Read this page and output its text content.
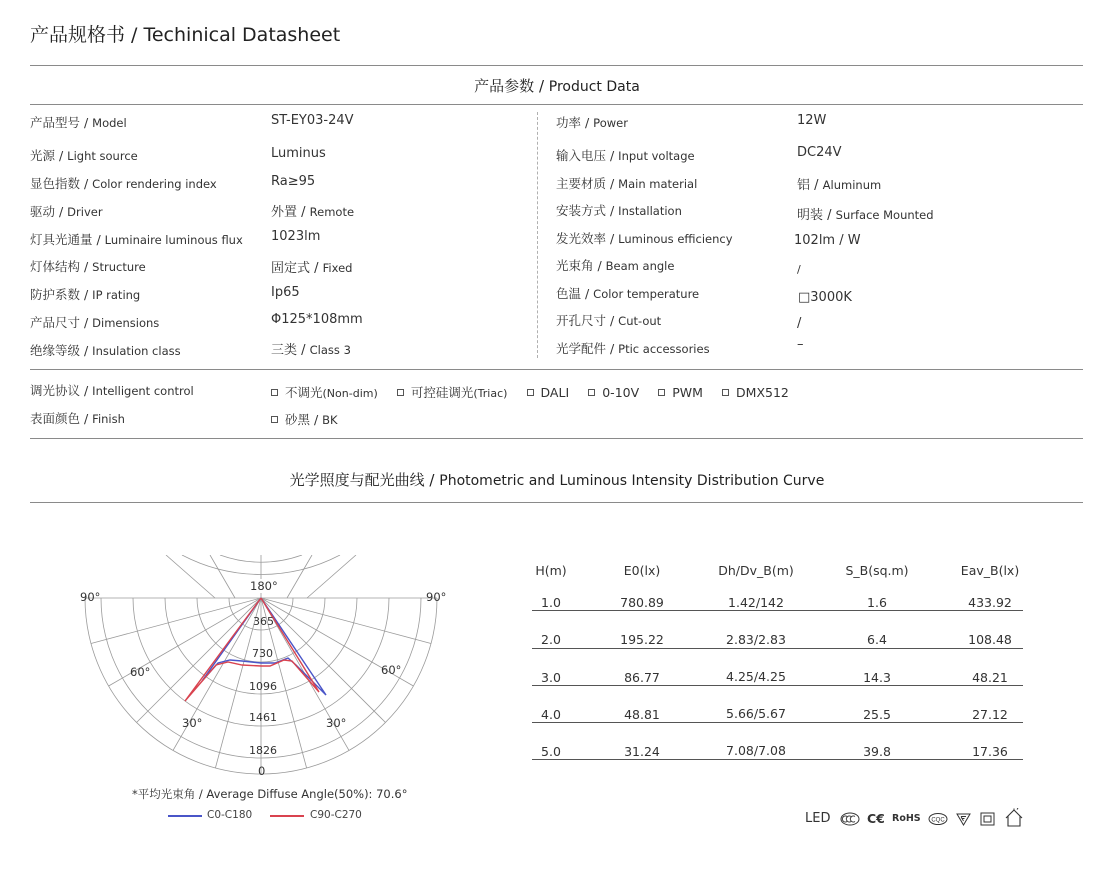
产品规格书 / Techinical Datasheet
产品参数 / Product Data
产品型号 / Model	ST-EY03-24V
光源 / Light source	Luminus
显色指数 / Color rendering index	Ra≥95
驱动 / Driver	外置 / Remote
灯具光通量 / Luminaire luminous flux 1023lm
灯体结构 / Structure	固定式 / Fixed
防护系数 / IP rating	Ip65
产品尺寸 / Dimensions	Φ125*108mm
绝缘等级 / Insulation class	三类 / Class 3
功率 / Power	12W
输入电压 / Input voltage	DC24V
主要材质 / Main material	铝 / Aluminum
安装方式 / Installation	明装 / Surface Mounted
发光效率 / Luminous efficiency	102lm / W
光束角 / Beam angle	/
色温 / Color temperature	□3000K
开孔尺寸 / Cut-out	/
光学配件 / Ptic accessories	–
调光协议 / Intelligent control	不调光(Non-dim)	可控硅调光(Triac)	DALI	0-10V	PWM	DMX512
表面颜色 / Finish	砂黑 / BK
光学照度与配光曲线 / Photometric and Luminous Intensity Distribution Curve
180°
365
730
1096
1461
1826
0
90°	90°
60°	60°
30°	30°
*平均光束角 / Average Diffuse Angle(50%): 70.6°
C0-C180	C90-C270
H(m)	E0(lx)	Dh/Dv_B(m)	S_B(sq.m)	Eav_B(lx)
1.0	780.89	1.42/142	1.6	433.92
2.0	195.22	2.83/2.83	6.4	108.48
3.0	86.77	4.25/4.25	14.3	48.21
4.0	48.81	5.66/5.67	25.5	27.12
5.0	31.24	7.08/7.08	39.8	17.36
LED	C€ RoHS CQC
